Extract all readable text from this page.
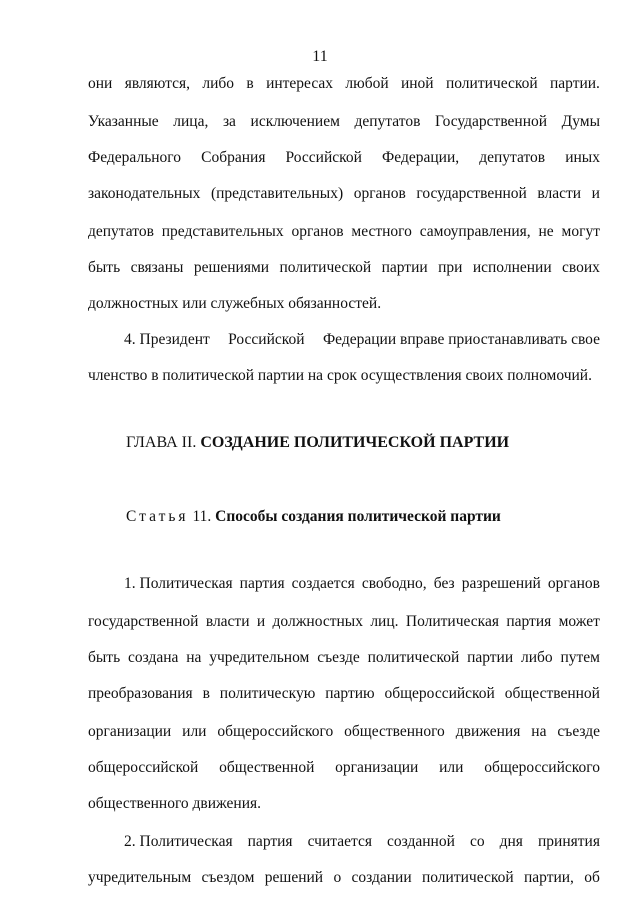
11
они являются, либо в интересах любой иной политической партии.
Указанные лица, за исключением депутатов Государственной Думы
Федерального Собрания Российской Федерации, депутатов иных
законодательных (представительных) органов государственной власти и
депутатов представительных органов местного самоуправления, не могут
быть связаны решениями политической партии при исполнении своих
должностных или служебных обязанностей.
4. Президент Российской Федерации вправе приостанавливать свое
членство в политической партии на срок осуществления своих полномочий.
ГЛАВА II. СОЗДАНИЕ ПОЛИТИЧЕСКОЙ ПАРТИИ
Статья 11. Способы создания политической партии
1. Политическая партия создается свободно, без разрешений органов
государственной власти и должностных лиц. Политическая партия может
быть создана на учредительном съезде политической партии либо путем
преобразования в политическую партию общероссийской общественной
организации или общероссийского общественного движения на съезде
общероссийской общественной организации или общероссийского
общественного движения.
2. Политическая партия считается созданной со дня принятия
учредительным съездом решений о создании политической партии, об
